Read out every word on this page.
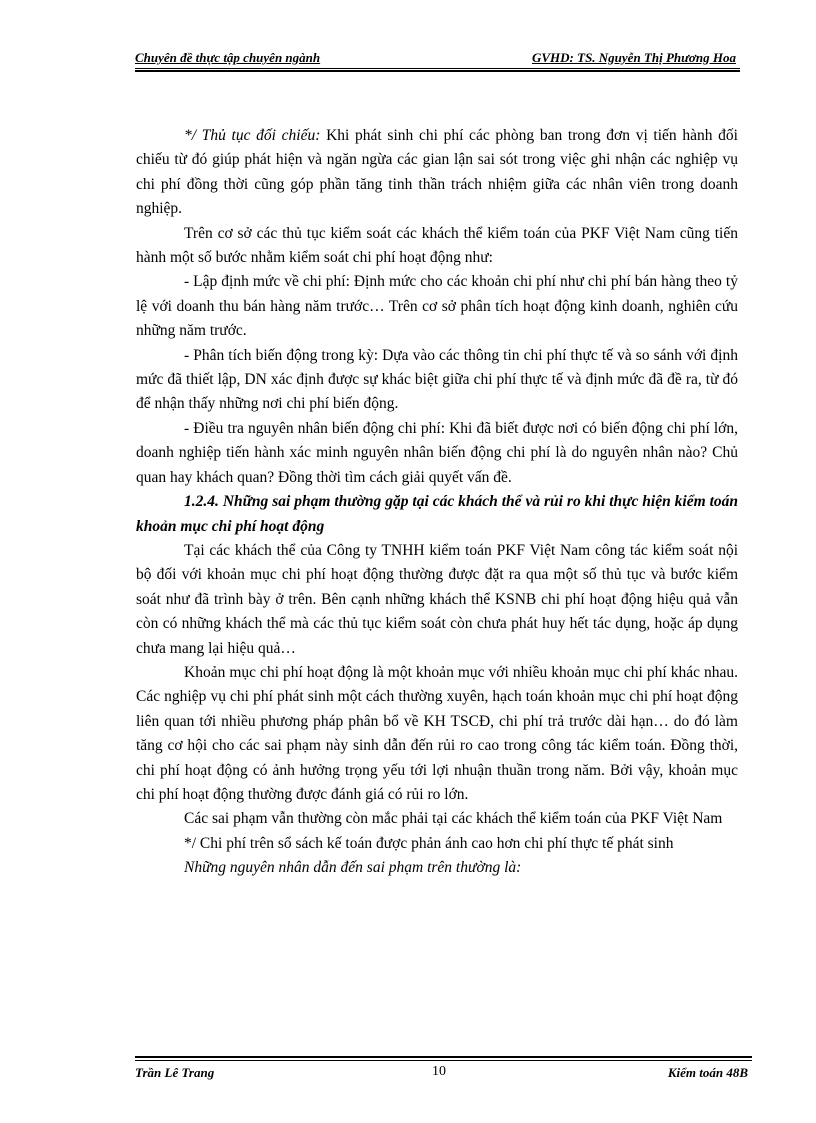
Chuyên đề thực tập chuyên ngành	GVHD: TS. Nguyễn Thị Phương Hoa

*/ Thủ tục đối chiếu: Khi phát sinh chi phí các phòng ban trong đơn vị tiến hành đối chiếu từ đó giúp phát hiện và ngăn ngừa các gian lận sai sót trong việc ghi nhận các nghiệp vụ chi phí đồng thời cũng góp phần tăng tinh thần trách nhiệm giữa các nhân viên trong doanh nghiệp.

Trên cơ sở các thủ tục kiểm soát các khách thể kiểm toán của PKF Việt Nam cũng tiến hành một số bước nhằm kiểm soát chi phí hoạt động như:

- Lập định mức về chi phí: Định mức cho các khoản chi phí như chi phí bán hàng theo tỷ lệ với doanh thu bán hàng năm trước… Trên cơ sở phân tích hoạt động kinh doanh, nghiên cứu những năm trước.

- Phân tích biến động trong kỳ: Dựa vào các thông tin chi phí thực tế và so sánh với định mức đã thiết lập, DN xác định được sự khác biệt giữa chi phí thực tế và định mức đã đề ra, từ đó để nhận thấy những nơi chi phí biến động.

- Điều tra nguyên nhân biến động chi phí: Khi đã biết được nơi có biến động chi phí lớn, doanh nghiệp tiến hành xác minh nguyên nhân biến động chi phí là do nguyên nhân nào? Chủ quan hay khách quan? Đồng thời tìm cách giải quyết vấn đề.

1.2.4. Những sai phạm thường gặp tại các khách thể và rủi ro khi thực hiện kiểm toán khoản mục chi phí hoạt động

Tại các khách thể của Công ty TNHH kiểm toán PKF Việt Nam công tác kiểm soát nội bộ đối với khoản mục chi phí hoạt động thường được đặt ra qua một số thủ tục và bước kiểm soát như đã trình bày ở trên. Bên cạnh những khách thể KSNB chi phí hoạt động hiệu quả vẫn còn có những khách thể mà các thủ tục kiểm soát còn chưa phát huy hết tác dụng, hoặc áp dụng chưa mang lại hiệu quả…

Khoản mục chi phí hoạt động là một khoản mục với nhiều khoản mục chi phí khác nhau. Các nghiệp vụ chi phí phát sinh một cách thường xuyên, hạch toán khoản mục chi phí hoạt động liên quan tới nhiều phương pháp phân bổ về KH TSCĐ, chi phí trả trước dài hạn… do đó làm tăng cơ hội cho các sai phạm này sinh dẫn đến rủi ro cao trong công tác kiểm toán. Đồng thời, chi phí hoạt động có ảnh hưởng trọng yếu tới lợi nhuận thuần trong năm. Bởi vậy, khoản mục chi phí hoạt động thường được đánh giá có rủi ro lớn.

Các sai phạm vẫn thường còn mắc phải tại các khách thể kiểm toán của PKF Việt Nam

*/ Chi phí trên sổ sách kế toán được phản ánh cao hơn chi phí thực tế phát sinh

Những nguyên nhân dẫn đến sai phạm trên thường là:

Trần Lê Trang	10	Kiểm toán 48B
